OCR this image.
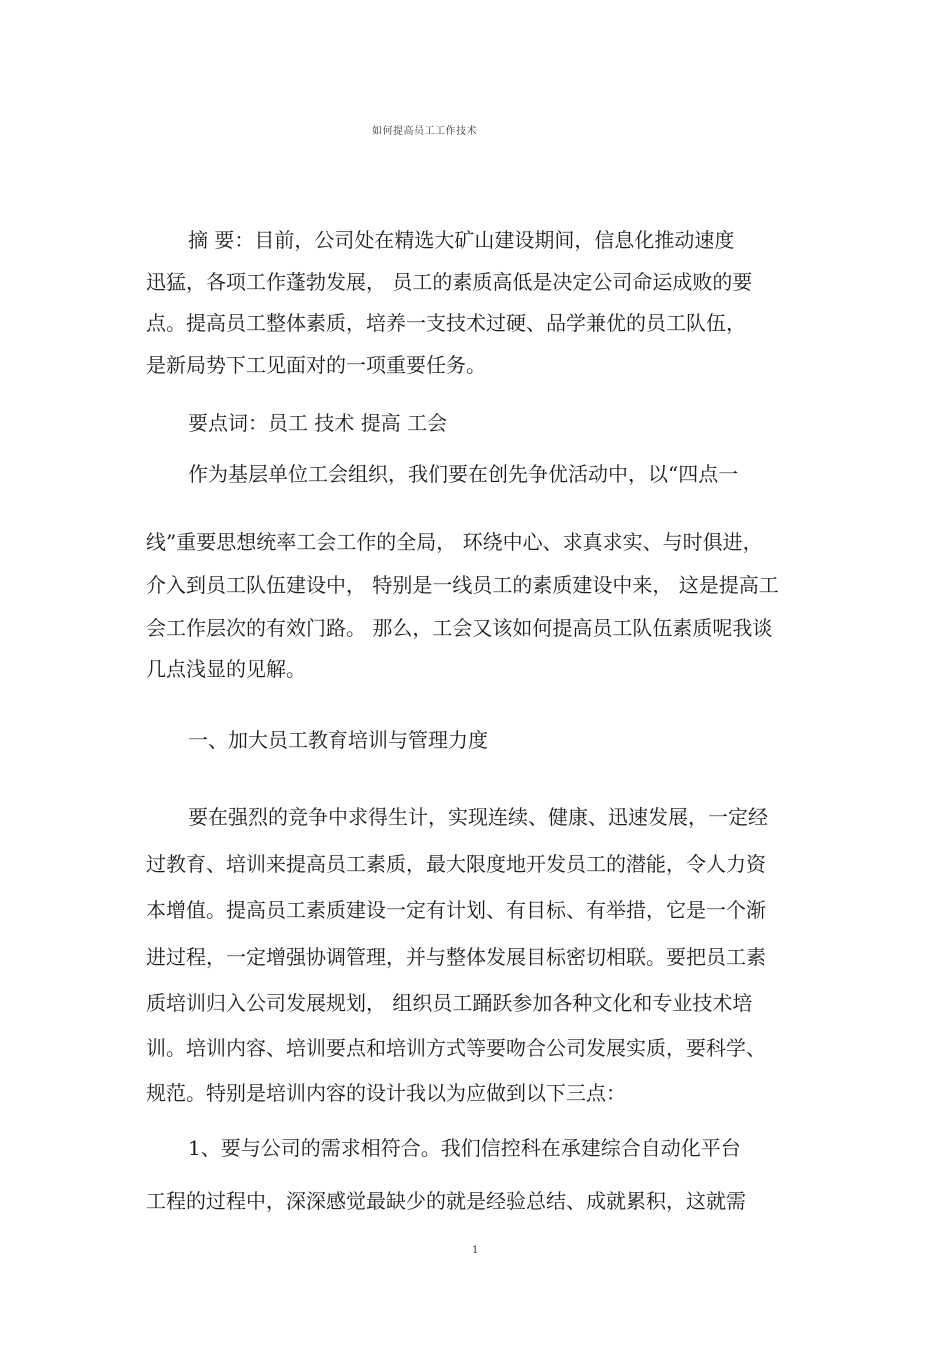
如何提高员工工作技术
摘 要：目前，公司处在精选大矿山建设期间，信息化推动速度
迅猛，各项工作蓬勃发展， 员工的素质高低是决定公司命运成败的要
点。提高员工整体素质，培养一支技术过硬、品学兼优的员工队伍，
是新局势下工见面对的一项重要任务。
要点词：员工 技术 提高 工会
作为基层单位工会组织，我们要在创先争优活动中，以“四点一
线”重要思想统率工会工作的全局， 环绕中心、求真求实、与时俱进，
介入到员工队伍建设中， 特别是一线员工的素质建设中来， 这是提高工
会工作层次的有效门路。 那么，工会又该如何提高员工队伍素质呢我谈
几点浅显的见解。
一、加大员工教育培训与管理力度
要在强烈的竞争中求得生计，实现连续、健康、迅速发展，一定经
过教育、培训来提高员工素质，最大限度地开发员工的潜能，令人力资
本增值。提高员工素质建设一定有计划、有目标、有举措，它是一个渐
进过程，一定增强协调管理，并与整体发展目标密切相联。要把员工素
质培训归入公司发展规划， 组织员工踊跃参加各种文化和专业技术培
训。培训内容、培训要点和培训方式等要吻合公司发展实质，要科学、
规范。特别是培训内容的设计我以为应做到以下三点：
1、要与公司的需求相符合。我们信控科在承建综合自动化平台
工程的过程中，深深感觉最缺少的就是经验总结、成就累积，这就需
1
